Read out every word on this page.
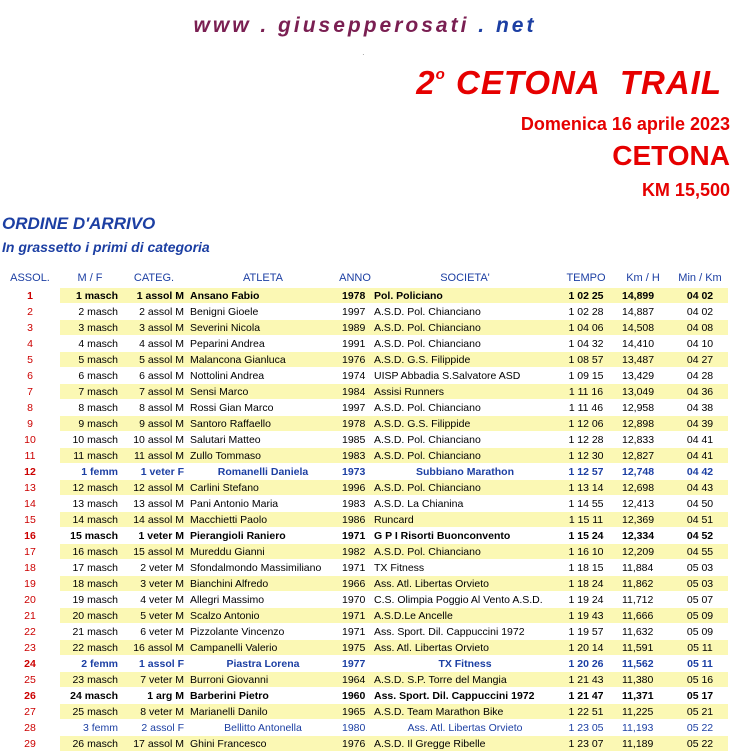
www . giusepperosati . net
·
$2^o$ CETONA  TRAIL
Domenica 16 aprile 2023
CETONA
KM 15,500
ORDINE D'ARRIVO
In grassetto i primi di categoria
ASSOL.	M / F	CATEG.	ATLETA	ANNO	SOCIETA'	TEMPO	Km / H	Min / Km
1	1 masch	1 assol M	Ansano Fabio	1978	Pol. Policiano	1 02 25	14,899	04 02
2	2 masch	2 assol M	Benigni Gioele	1997	A.S.D. Pol. Chianciano	1 02 28	14,887	04 02
3	3 masch	3 assol M	Severini Nicola	1989	A.S.D. Pol. Chianciano	1 04 06	14,508	04 08
4	4 masch	4 assol M	Peparini Andrea	1991	A.S.D. Pol. Chianciano	1 04 32	14,410	04 10
5	5 masch	5 assol M	Malancona Gianluca	1976	A.S.D. G.S. Filippide	1 08 57	13,487	04 27
6	6 masch	6 assol M	Nottolini Andrea	1974	UISP Abbadia S.Salvatore ASD	1 09 15	13,429	04 28
7	7 masch	7 assol M	Sensi Marco	1984	Assisi Runners	1 11 16	13,049	04 36
8	8 masch	8 assol M	Rossi Gian Marco	1997	A.S.D. Pol. Chianciano	1 11 46	12,958	04 38
9	9 masch	9 assol M	Santoro Raffaello	1978	A.S.D. G.S. Filippide	1 12 06	12,898	04 39
10	10 masch	10 assol M	Salutari Matteo	1985	A.S.D. Pol. Chianciano	1 12 28	12,833	04 41
11	11 masch	11 assol M	Zullo Tommaso	1983	A.S.D. Pol. Chianciano	1 12 30	12,827	04 41
12	1 femm	1 veter F	Romanelli Daniela	1973	Subbiano Marathon	1 12 57	12,748	04 42
13	12 masch	12 assol M	Carlini Stefano	1996	A.S.D. Pol. Chianciano	1 13 14	12,698	04 43
14	13 masch	13 assol M	Pani Antonio Maria	1983	A.S.D. La Chianina	1 14 55	12,413	04 50
15	14 masch	14 assol M	Macchietti Paolo	1986	Runcard	1 15 11	12,369	04 51
16	15 masch	1 veter M	Pierangioli Raniero	1971	G P I Risorti Buonconvento	1 15 24	12,334	04 52
17	16 masch	15 assol M	Mureddu Gianni	1982	A.S.D. Pol. Chianciano	1 16 10	12,209	04 55
18	17 masch	2 veter M	Sfondalmondo Massimiliano	1971	TX Fitness	1 18 15	11,884	05 03
19	18 masch	3 veter M	Bianchini Alfredo	1966	Ass. Atl. Libertas Orvieto	1 18 24	11,862	05 03
20	19 masch	4 veter M	Allegri Massimo	1970	C.S. Olimpia Poggio Al Vento A.S.D.	1 19 24	11,712	05 07
21	20 masch	5 veter M	Scalzo Antonio	1971	A.S.D.Le Ancelle	1 19 43	11,666	05 09
22	21 masch	6 veter M	Pizzolante Vincenzo	1971	Ass. Sport. Dil. Cappuccini 1972	1 19 57	11,632	05 09
23	22 masch	16 assol M	Campanelli Valerio	1975	Ass. Atl. Libertas Orvieto	1 20 14	11,591	05 11
24	2 femm	1 assol F	Piastra Lorena	1977	TX Fitness	1 20 26	11,562	05 11
25	23 masch	7 veter M	Burroni Giovanni	1964	A.S.D. S.P. Torre del Mangia	1 21 43	11,380	05 16
26	24 masch	1 arg M	Barberini Pietro	1960	Ass. Sport. Dil. Cappuccini 1972	1 21 47	11,371	05 17
27	25 masch	8 veter M	Marianelli Danilo	1965	A.S.D. Team Marathon Bike	1 22 51	11,225	05 21
28	3 femm	2 assol F	Bellitto Antonella	1980	Ass. Atl. Libertas Orvieto	1 23 05	11,193	05 22
29	26 masch	17 assol M	Ghini Francesco	1976	A.S.D. Il Gregge Ribelle	1 23 07	11,189	05 22
